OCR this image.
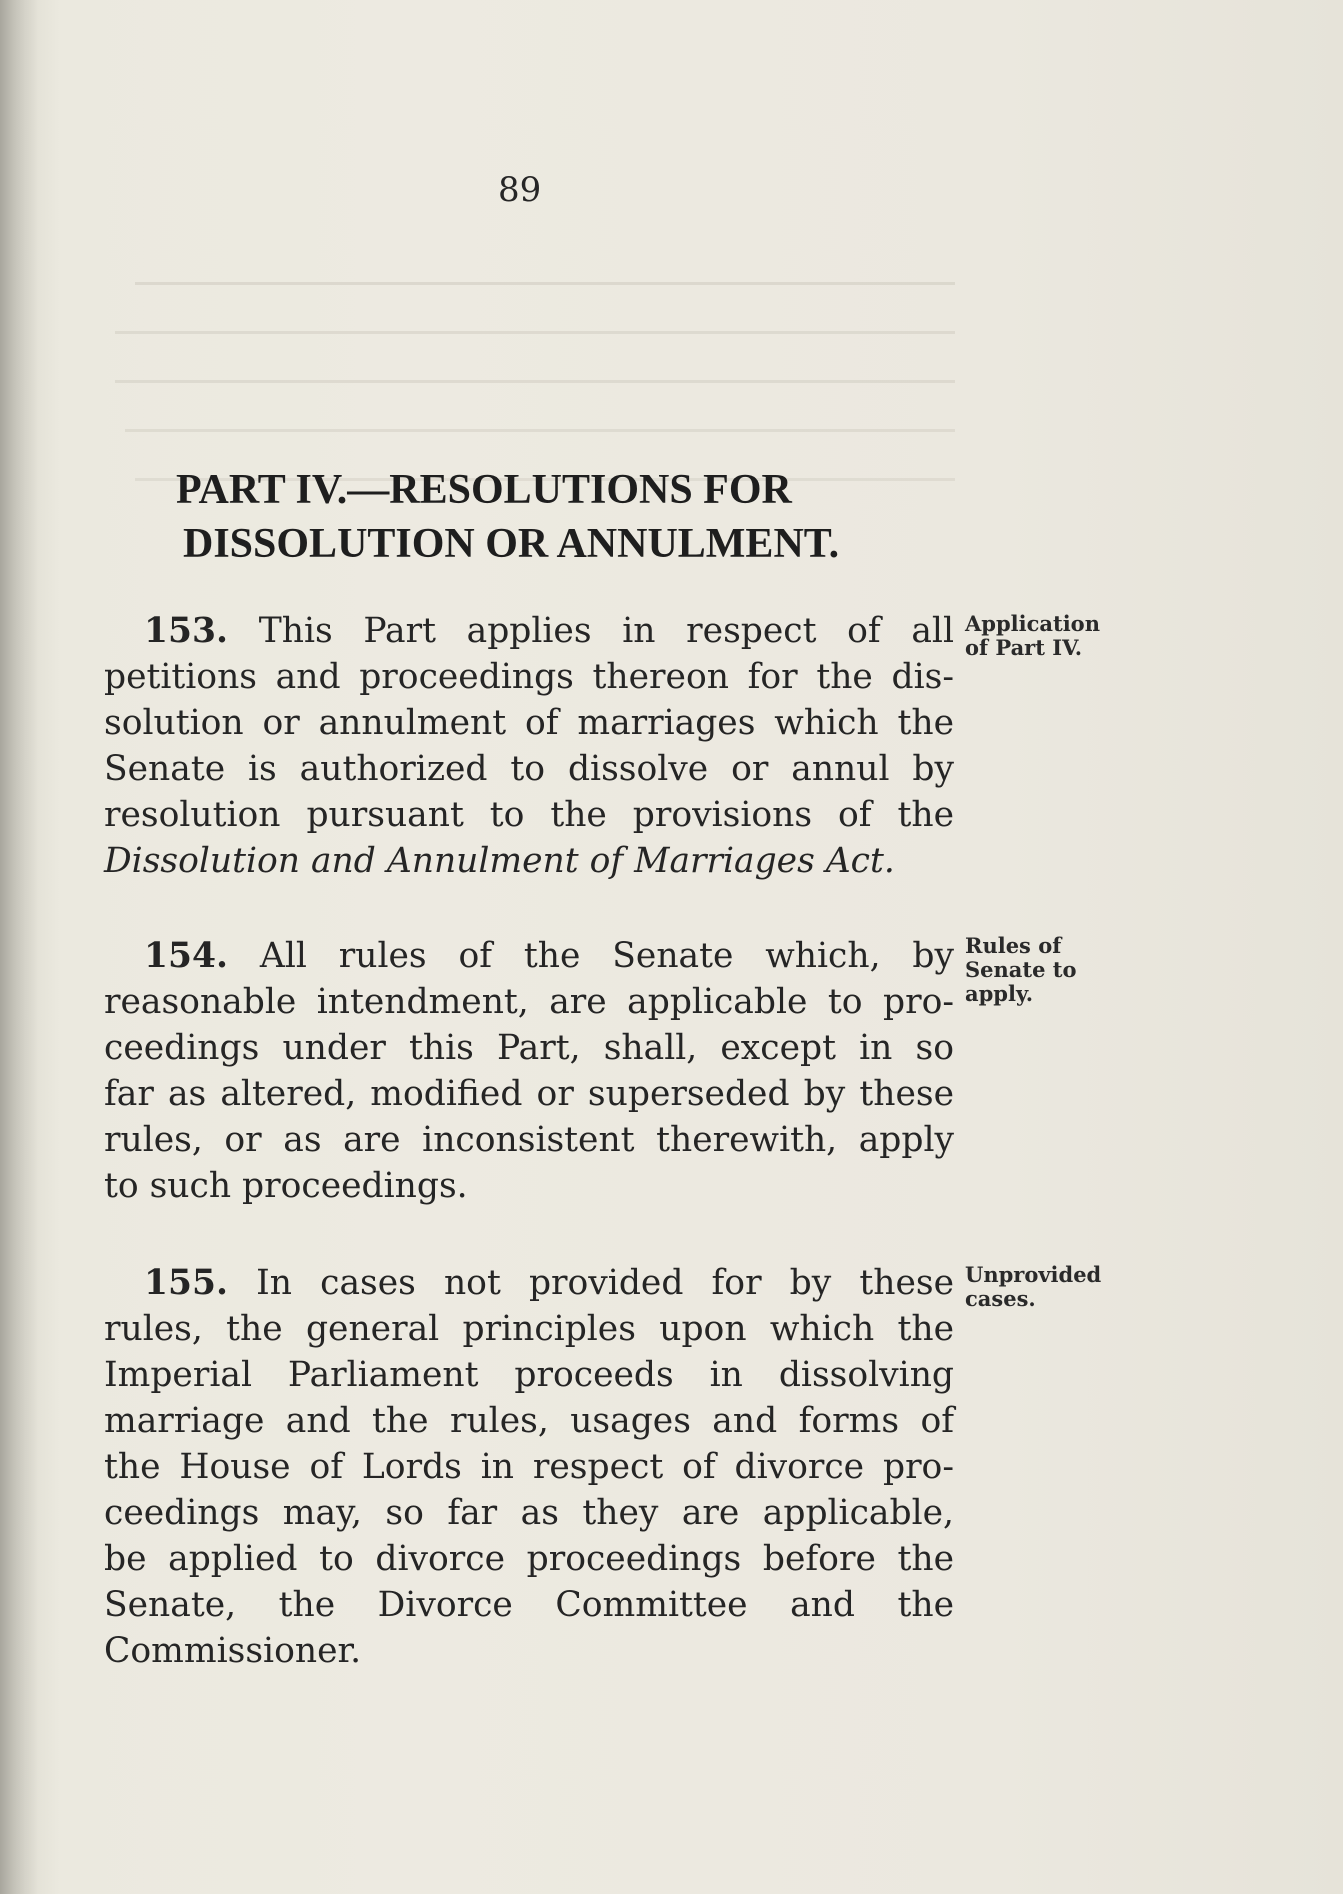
89
PART IV.—RESOLUTIONS FOR
DISSOLUTION OR ANNULMENT.
153. This Part applies in respect of all
petitions and proceedings thereon for the dis-
solution or annulment of marriages which the
Senate is authorized to dissolve or annul by
resolution pursuant to the provisions of the
Dissolution and Annulment of Marriages Act.
Application
of Part IV.
154. All rules of the Senate which, by
reasonable intendment, are applicable to pro-
ceedings under this Part, shall, except in so
far as altered, modified or superseded by these
rules, or as are inconsistent therewith, apply
to such proceedings.
Rules of
Senate to
apply.
155. In cases not provided for by these
rules, the general principles upon which the
Imperial Parliament proceeds in dissolving
marriage and the rules, usages and forms of
the House of Lords in respect of divorce pro-
ceedings may, so far as they are applicable,
be applied to divorce proceedings before the
Senate, the Divorce Committee and the
Commissioner.
Unprovided
cases.
